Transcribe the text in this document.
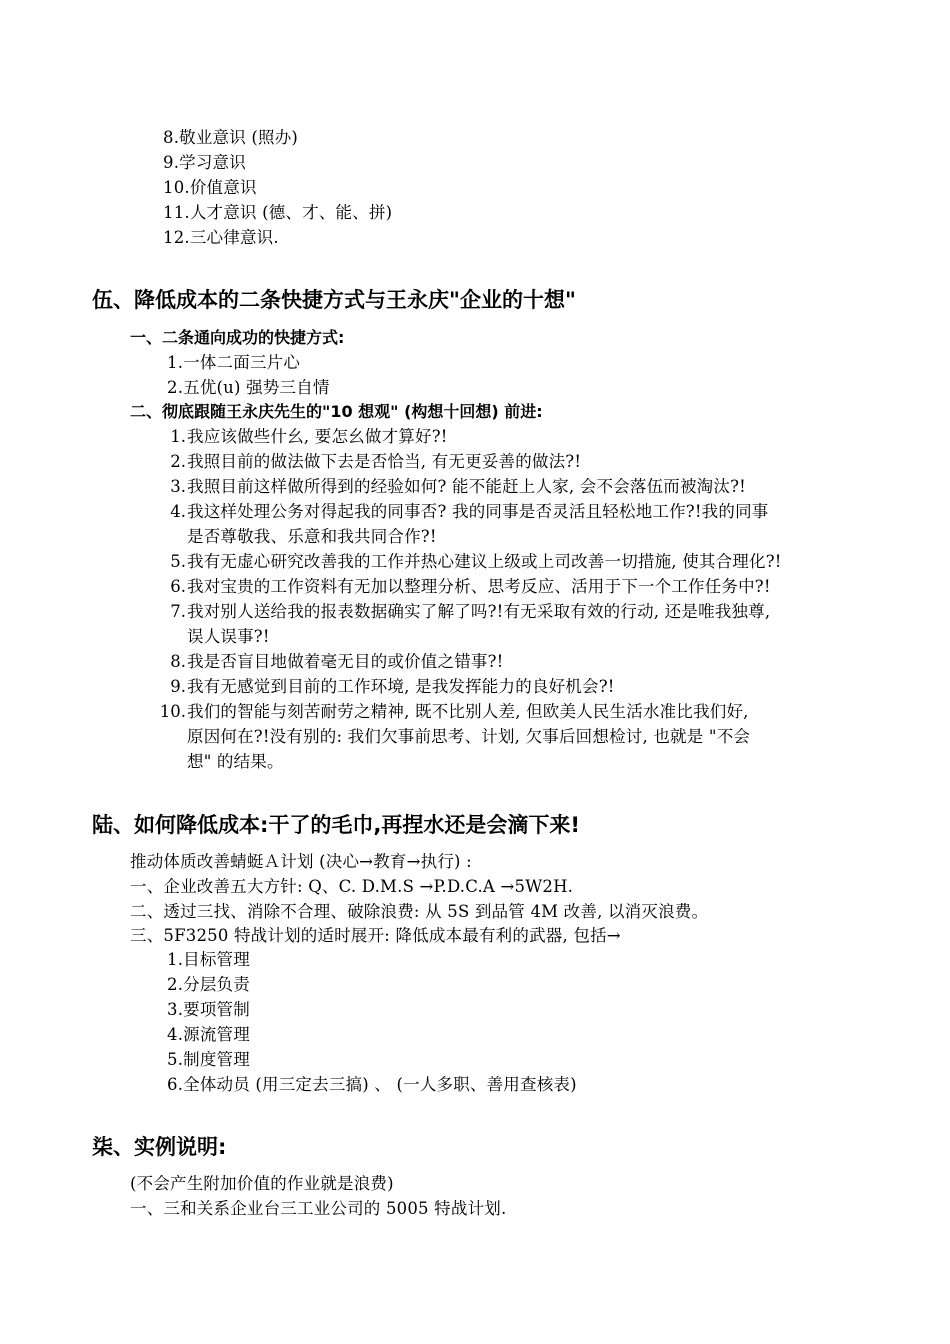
8.敬业意识 (照办)
9.学习意识
10.价值意识
11.人才意识 (德、才、能、拼)
12.三心律意识.
伍、降低成本的二条快捷方式与王永庆"企业的十想"
一、二条通向成功的快捷方式:
1.一体二面三片心
2.五优(u) 强势三自情
二、彻底跟随王永庆先生的"10 想观" (构想十回想) 前进:
1. 我应该做些什幺, 要怎幺做才算好?!
2. 我照目前的做法做下去是否恰当, 有无更妥善的做法?!
3. 我照目前这样做所得到的经验如何? 能不能赶上人家, 会不会落伍而被淘汰?!
4. 我这样处理公务对得起我的同事否? 我的同事是否灵活且轻松地工作?!我的同事
是否尊敬我、乐意和我共同合作?!
5. 我有无虚心研究改善我的工作并热心建议上级或上司改善一切措施, 使其合理化?!
6. 我对宝贵的工作资料有无加以整理分析、思考反应、活用于下一个工作任务中?!
7. 我对别人送给我的报表数据确实了解了吗?!有无采取有效的行动, 还是唯我独尊,
误人误事?!
8. 我是否盲目地做着毫无目的或价值之错事?!
9. 我有无感觉到目前的工作环境, 是我发挥能力的良好机会?!
10. 我们的智能与刻苦耐劳之精神, 既不比别人差, 但欧美人民生活水准比我们好,
原因何在?!没有别的: 我们欠事前思考、计划, 欠事后回想检讨, 也就是 "不会
想" 的结果。
陆、如何降低成本:干了的毛巾,再捏水还是会滴下来!
推动体质改善蜻蜓Ａ计划 (决心→教育→执行) :
一、企业改善五大方针: Q、C. D.M.S →P.D.C.A →5W2H.
二、透过三找、消除不合理、破除浪费: 从 5S 到品管 4M 改善, 以消灭浪费。
三、5F3250 特战计划的适时展开: 降低成本最有利的武器, 包括→
1.目标管理
2.分层负责
3.要项管制
4.源流管理
5.制度管理
6.全体动员 (用三定去三搞) 、 (一人多职、善用查核表)
柒、实例说明:
(不会产生附加价值的作业就是浪费)
一、三和关系企业台三工业公司的 5005 特战计划.
